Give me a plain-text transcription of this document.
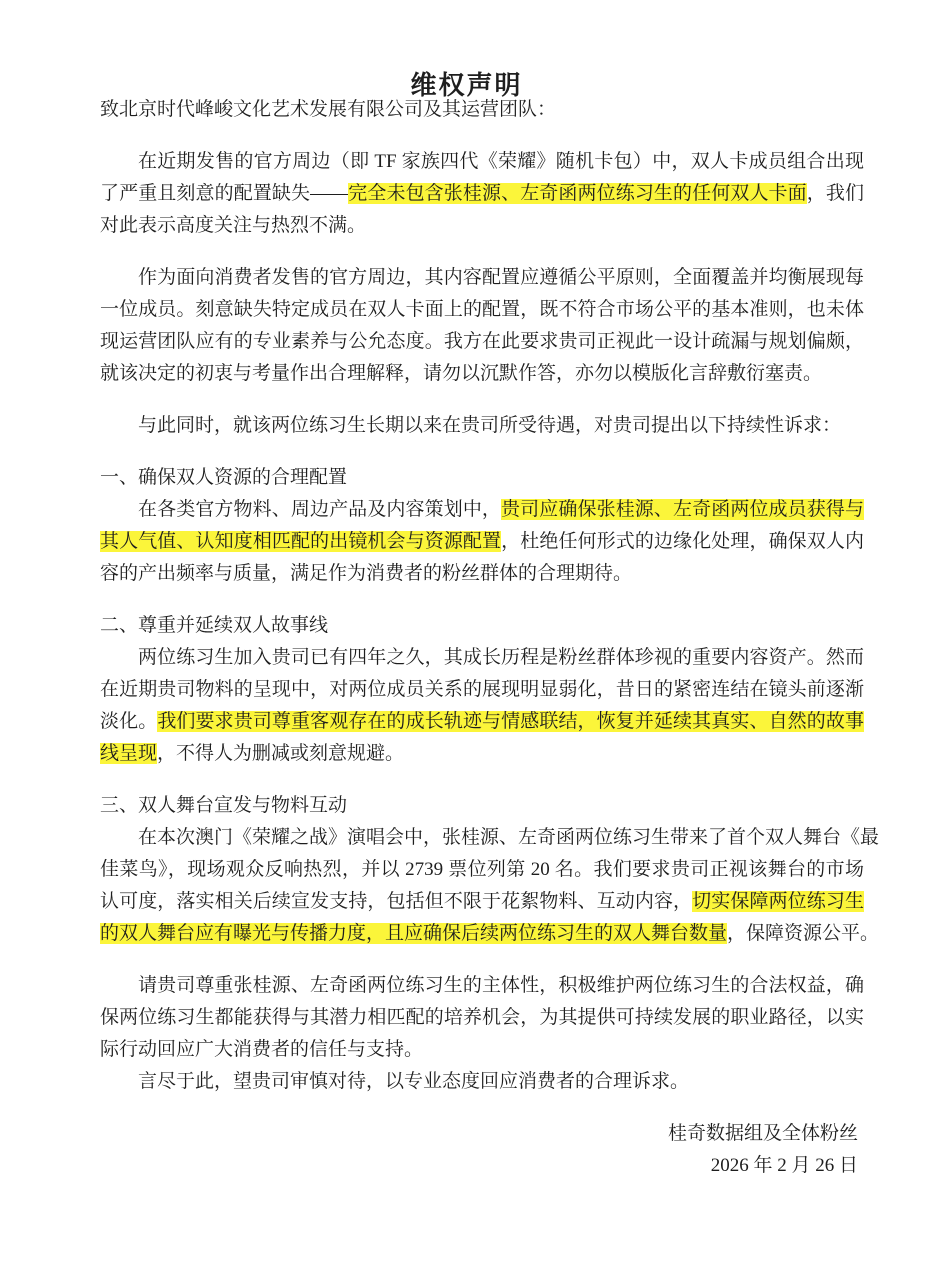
维权声明
致北京时代峰峻文化艺术发展有限公司及其运营团队：
在近期发售的官方周边（即 TF 家族四代《荣耀》随机卡包）中，双人卡成员组合出现
了严重且刻意的配置缺失——完全未包含张桂源、左奇函两位练习生的任何双人卡面，我们
对此表示高度关注与热烈不满。
作为面向消费者发售的官方周边，其内容配置应遵循公平原则，全面覆盖并均衡展现每
一位成员。刻意缺失特定成员在双人卡面上的配置，既不符合市场公平的基本准则，也未体
现运营团队应有的专业素养与公允态度。我方在此要求贵司正视此一设计疏漏与规划偏颇，
就该决定的初衷与考量作出合理解释，请勿以沉默作答，亦勿以模版化言辞敷衍塞责。
与此同时，就该两位练习生长期以来在贵司所受待遇，对贵司提出以下持续性诉求：
一、确保双人资源的合理配置
在各类官方物料、周边产品及内容策划中，贵司应确保张桂源、左奇函两位成员获得与
其人气值、认知度相匹配的出镜机会与资源配置，杜绝任何形式的边缘化处理，确保双人内
容的产出频率与质量，满足作为消费者的粉丝群体的合理期待。
二、尊重并延续双人故事线
两位练习生加入贵司已有四年之久，其成长历程是粉丝群体珍视的重要内容资产。然而
在近期贵司物料的呈现中，对两位成员关系的展现明显弱化，昔日的紧密连结在镜头前逐渐
淡化。我们要求贵司尊重客观存在的成长轨迹与情感联结，恢复并延续其真实、自然的故事
线呈现，不得人为删减或刻意规避。
三、双人舞台宣发与物料互动
在本次澳门《荣耀之战》演唱会中，张桂源、左奇函两位练习生带来了首个双人舞台《最
佳菜鸟》，现场观众反响热烈，并以 2739 票位列第 20 名。我们要求贵司正视该舞台的市场
认可度，落实相关后续宣发支持，包括但不限于花絮物料、互动内容，切实保障两位练习生
的双人舞台应有曝光与传播力度，且应确保后续两位练习生的双人舞台数量，保障资源公平。
请贵司尊重张桂源、左奇函两位练习生的主体性，积极维护两位练习生的合法权益，确
保两位练习生都能获得与其潜力相匹配的培养机会，为其提供可持续发展的职业路径，以实
际行动回应广大消费者的信任与支持。
言尽于此，望贵司审慎对待，以专业态度回应消费者的合理诉求。
桂奇数据组及全体粉丝
2026 年 2 月 26 日
